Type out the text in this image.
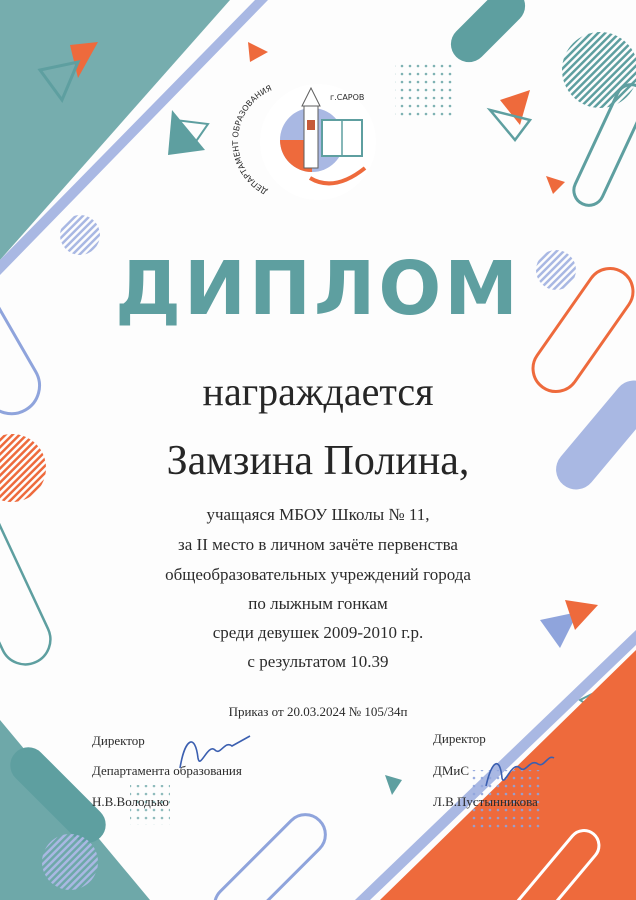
ДЕПАРТАМЕНТ ОБРАЗОВАНИЯ
г.САРОВ
ДИПЛОМ
награждается
Замзина Полина,
учащаяся МБОУ Школы № 11,
за II место в личном зачёте первенства
общеобразовательных учреждений города
по лыжным гонкам
среди девушек 2009-2010 г.р.
с результатом 10.39
Приказ от 20.03.2024 № 105/34п
Директор
Департамента образования
Н.В.Володько
Директор
ДМиС
Л.В.Пустынникова
